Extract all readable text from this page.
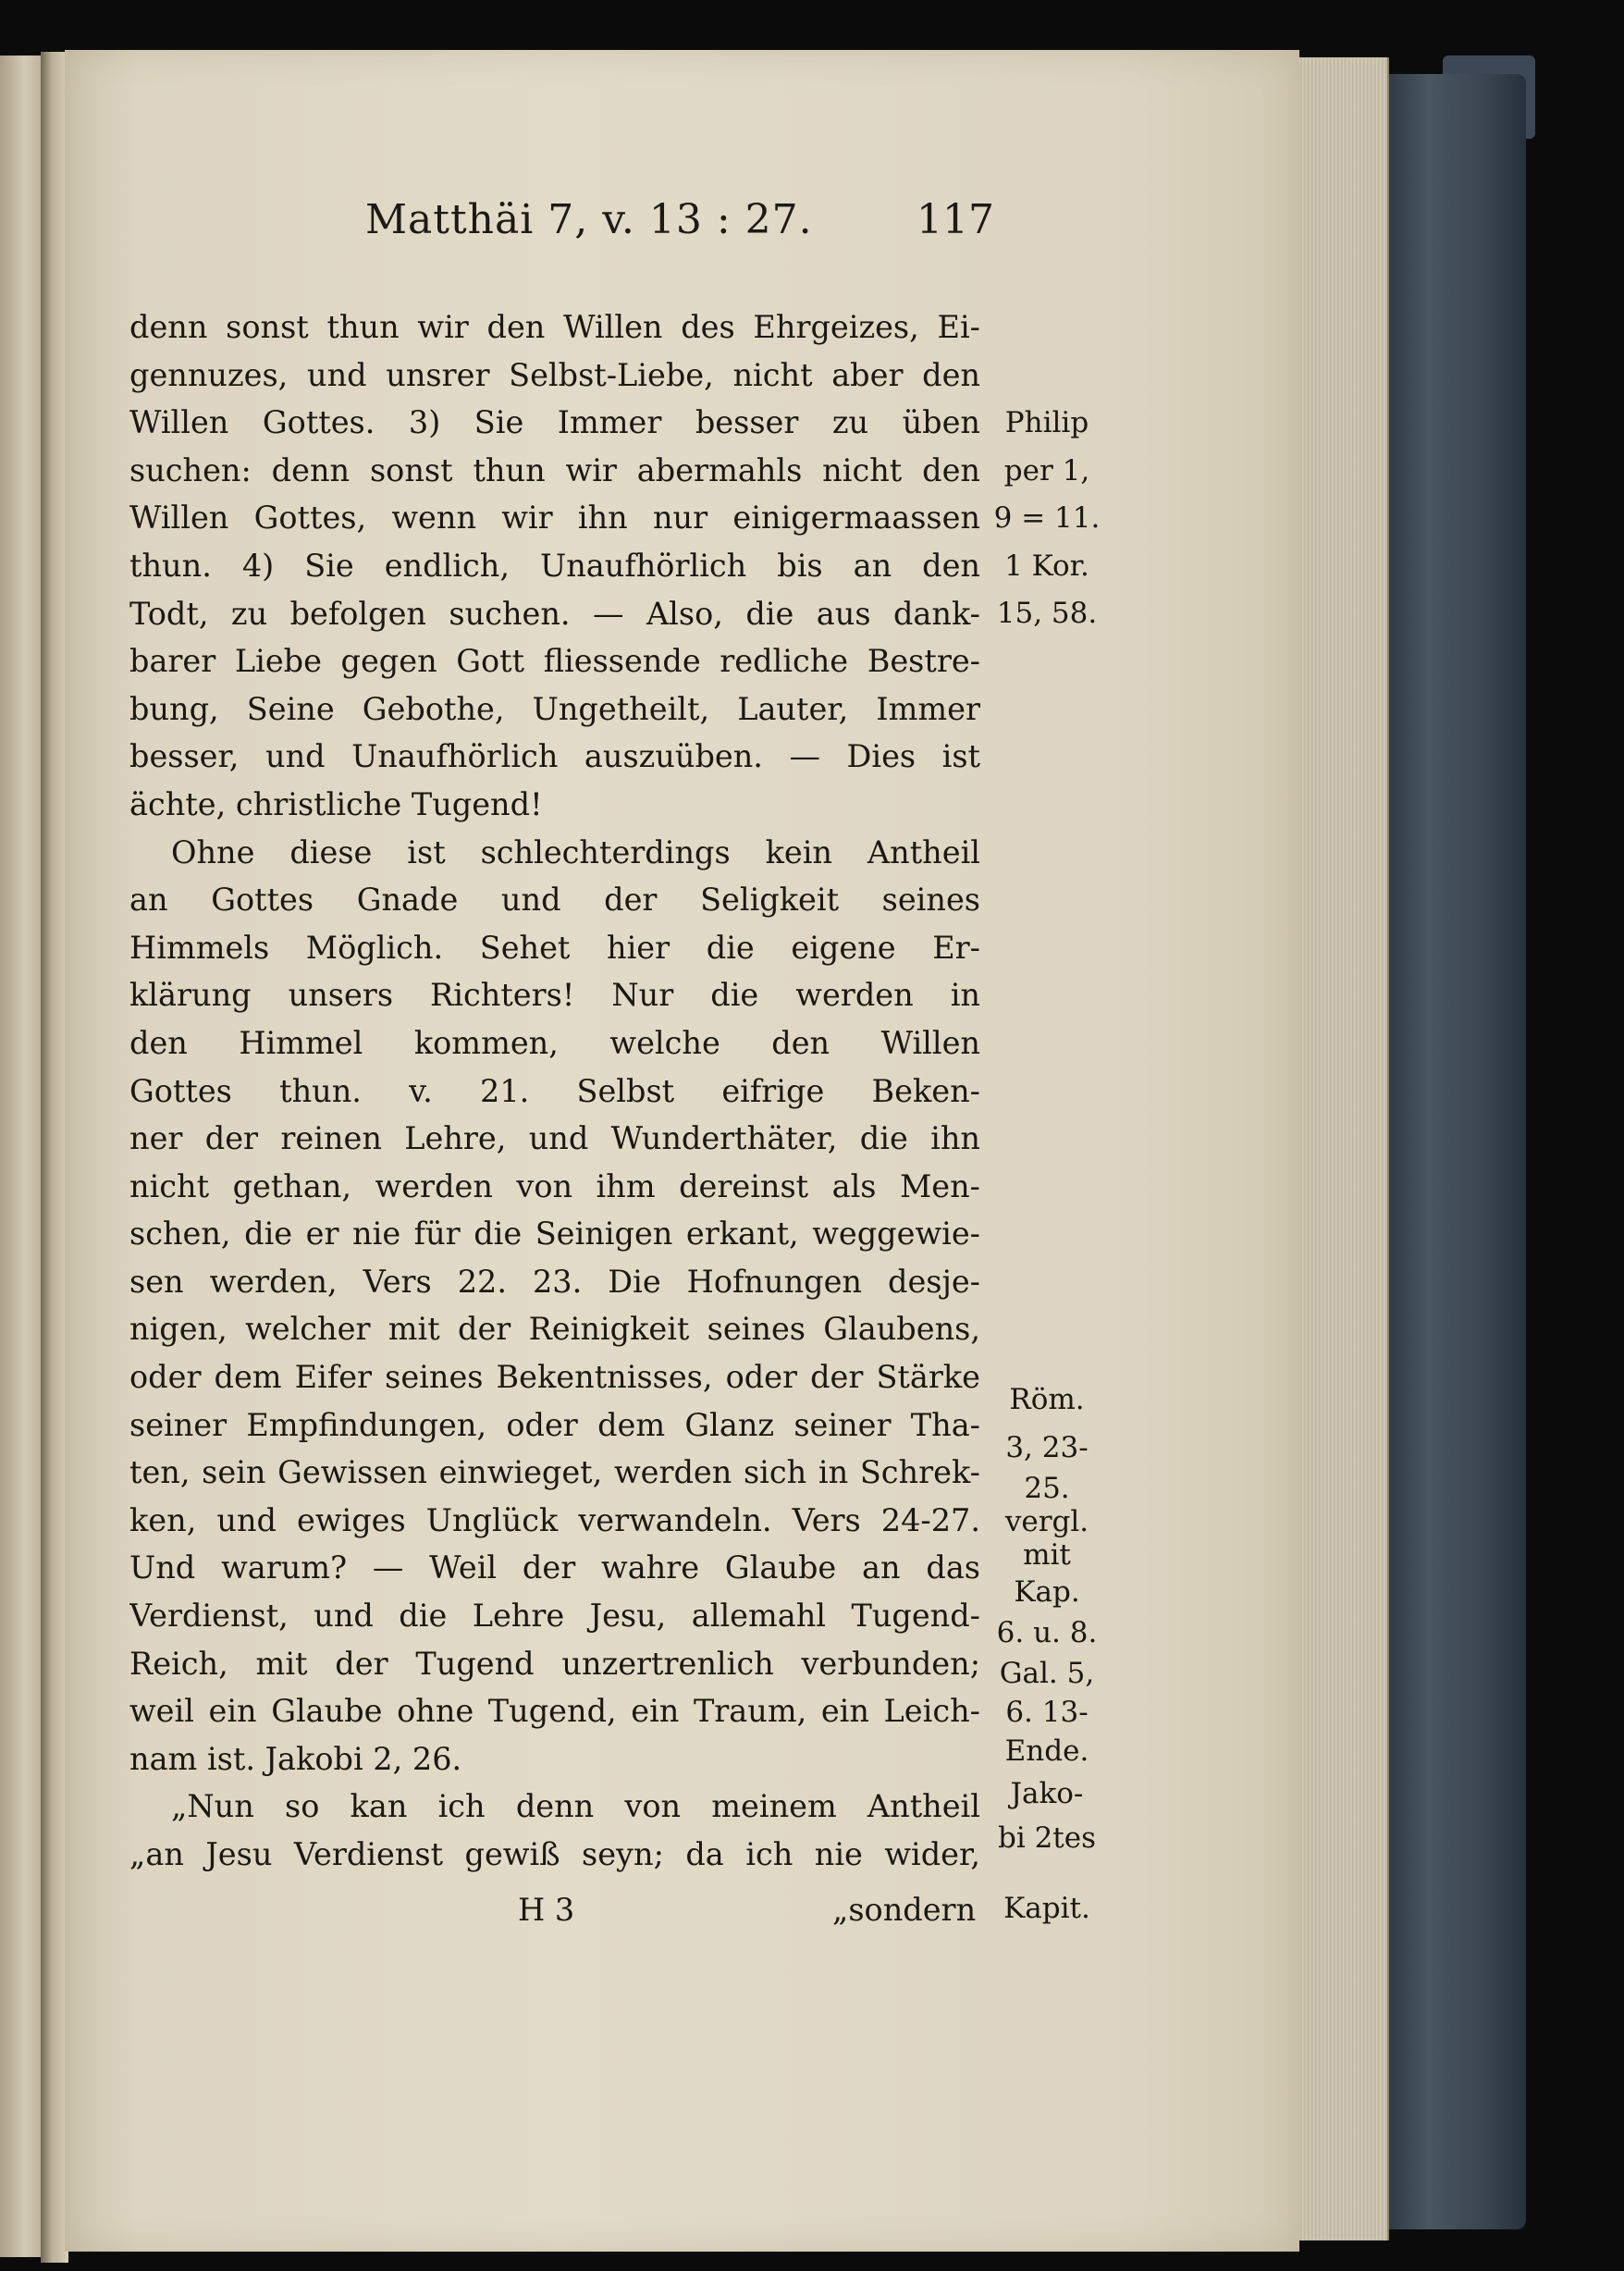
Matthäi 7, v. 13 : 27.	117
denn sonst thun wir den Willen des Ehrgeizes, Ei-
gennuzes, und unsrer Selbst-Liebe, nicht aber den
Willen Gottes. 3) Sie Immer besser zu üben
suchen: denn sonst thun wir abermahls nicht den
Willen Gottes, wenn wir ihn nur einigermaassen
thun. 4) Sie endlich, Unaufhörlich bis an den
Todt, zu befolgen suchen. — Also, die aus dank-
barer Liebe gegen Gott fliessende redliche Bestre-
bung, Seine Gebothe, Ungetheilt, Lauter, Immer
besser, und Unaufhörlich auszuüben. — Dies ist
ächte, christliche Tugend!
Ohne diese ist schlechterdings kein Antheil
an Gottes Gnade und der Seligkeit seines
Himmels Möglich. Sehet hier die eigene Er-
klärung unsers Richters! Nur die werden in
den Himmel kommen, welche den Willen
Gottes thun. v. 21. Selbst eifrige Beken-
ner der reinen Lehre, und Wunderthäter, die ihn
nicht gethan, werden von ihm dereinst als Men-
schen, die er nie für die Seinigen erkant, weggewie-
sen werden, Vers 22. 23. Die Hofnungen desje-
nigen, welcher mit der Reinigkeit seines Glaubens,
oder dem Eifer seines Bekentnisses, oder der Stärke
seiner Empfindungen, oder dem Glanz seiner Tha-
ten, sein Gewissen einwieget, werden sich in Schrek-
ken, und ewiges Unglück verwandeln. Vers 24-27.
Und warum? — Weil der wahre Glaube an das
Verdienst, und die Lehre Jesu, allemahl Tugend-
Reich, mit der Tugend unzertrenlich verbunden;
weil ein Glaube ohne Tugend, ein Traum, ein Leich-
nam ist. Jakobi 2, 26.
„Nun so kan ich denn von meinem Antheil
„an Jesu Verdienst gewiß seyn; da ich nie wider,
Philip
per 1,
9 = 11.
1 Kor.
15, 58.
Röm.
3, 23-
25.
vergl.
mit
Kap.
6. u. 8.
Gal. 5,
6. 13-
Ende.
Jako-
bi 2tes
H 3	„sondern Kapit.
